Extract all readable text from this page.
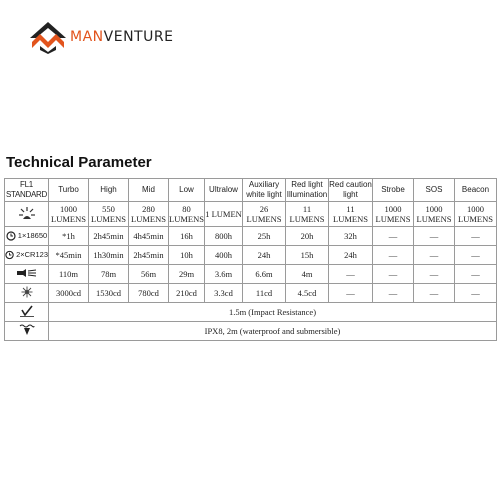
MANVENTURE
Technical Parameter
FL1 STANDARD	Turbo	High	Mid	Low	Ultralow	Auxiliary white light	Red light Illumination	Red caution light	Strobe	SOS	Beacon
	1000 LUMENS	550 LUMENS	280 LUMENS	80 LUMENS	1 LUMEN	26 LUMENS	11 LUMENS	11 LUMENS	1000 LUMENS	1000 LUMENS	1000 LUMENS

1×18650	*1h	2h45min	4h45min	16h	800h	25h	20h	32h	—	—	—

2×CR123	*45min	1h30min	2h45min	10h	400h	24h	15h	24h	—	—	—
	110m	78m	56m	29m	3.6m	6.6m	4m	—	—	—	—
	3000cd	1530cd	780cd	210cd	3.3cd	11cd	4.5cd	—	—	—	—
	1.5m (Impact Resistance)										
	IPX8, 2m (waterproof and submersible)										
